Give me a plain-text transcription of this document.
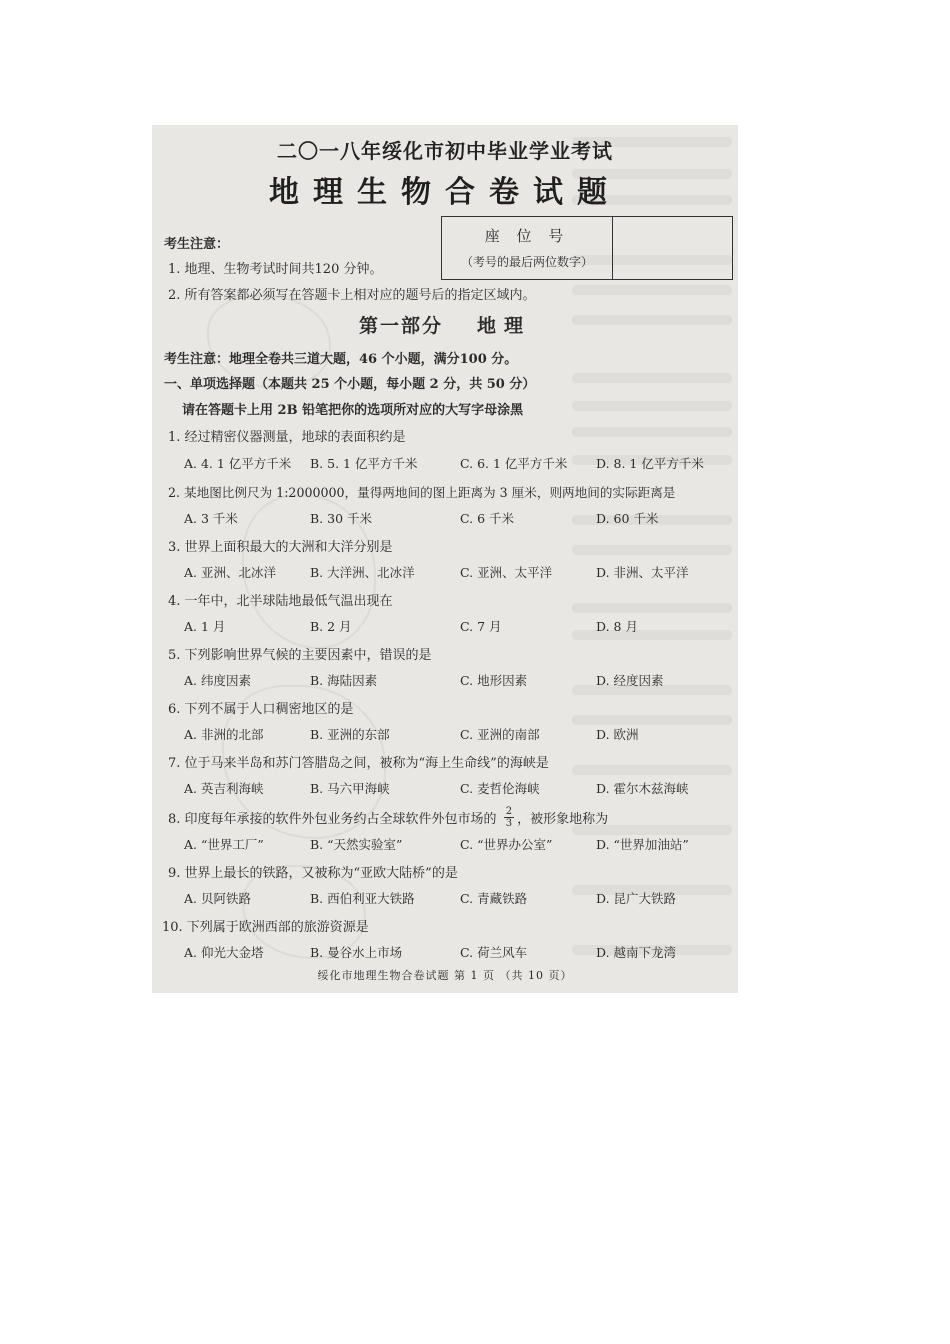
二〇一八年绥化市初中毕业学业考试
地理生物合卷试题
座 位 号
（考号的最后两位数字）
考生注意：
1. 地理、生物考试时间共120 分钟。
2. 所有答案都必须写在答题卡上相对应的题号后的指定区域内。
第一部分 地理
考生注意：地理全卷共三道大题，46 个小题，满分100 分。
一、单项选择题（本题共 25 个小题，每小题 2 分，共 50 分）
请在答题卡上用 2B 铅笔把你的选项所对应的大写字母涂黑
1. 经过精密仪器测量，地球的表面积约是
A. 4. 1 亿平方千米 B. 5. 1 亿平方千米	C. 6. 1 亿平方千米 D. 8. 1 亿平方千米
2. 某地图比例尺为 1:2000000，量得两地间的图上距离为 3 厘米，则两地间的实际距离是
A. 3 千米	B. 30 千米	C. 6 千米	D. 60 千米
3. 世界上面积最大的大洲和大洋分别是
A. 亚洲、北冰洋	B. 大洋洲、北冰洋	C. 亚洲、太平洋	D. 非洲、太平洋
4. 一年中，北半球陆地最低气温出现在
A. 1 月	B. 2 月	C. 7 月	D. 8 月
5. 下列影响世界气候的主要因素中，错误的是
A. 纬度因素	B. 海陆因素	C. 地形因素	D. 经度因素
6. 下列不属于人口稠密地区的是
A. 非洲的北部	B. 亚洲的东部	C. 亚洲的南部	D. 欧洲
7. 位于马来半岛和苏门答腊岛之间，被称为“海上生命线”的海峡是
A. 英吉利海峡	B. 马六甲海峡	C. 麦哲伦海峡	D. 霍尔木兹海峡
8. 印度每年承接的软件外包业务约占全球软件外包市场的 $\frac{2}{3}$ ，被形象地称为
A. “世界工厂”	B. “天然实验室”	C. “世界办公室”	D. “世界加油站”
9. 世界上最长的铁路，又被称为“亚欧大陆桥”的是
A. 贝阿铁路	B. 西伯利亚大铁路	C. 青藏铁路	D. 昆广大铁路
10. 下列属于欧洲西部的旅游资源是
A. 仰光大金塔	B. 曼谷水上市场	C. 荷兰风车	D. 越南下龙湾
绥化市地理生物合卷试题 第 1 页 （共 10 页）
